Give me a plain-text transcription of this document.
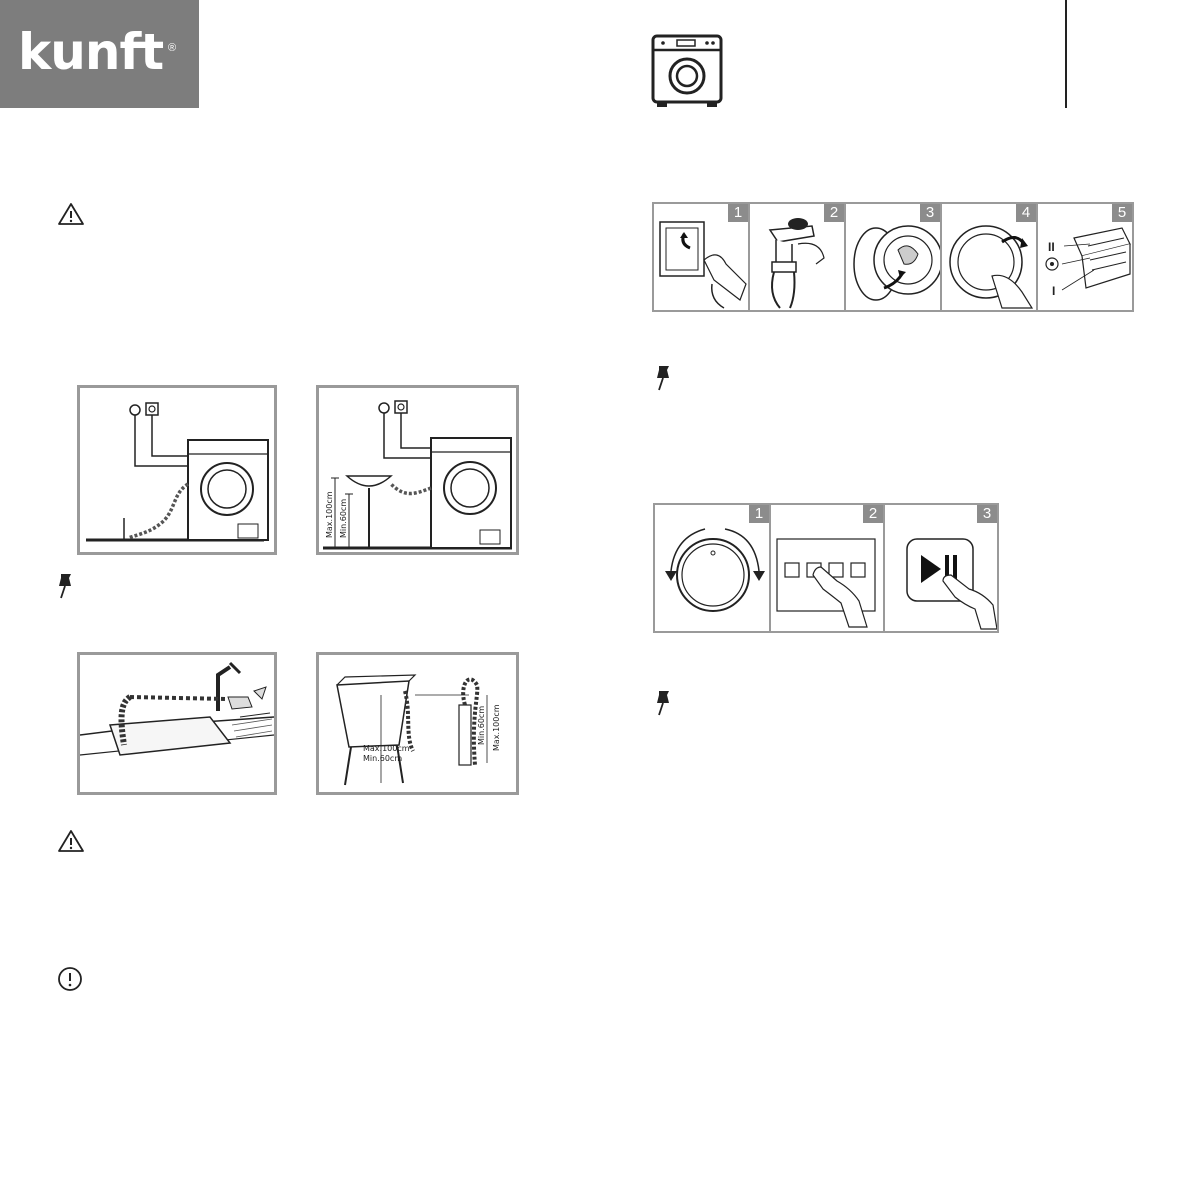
kunft ®
Max.100cm Min.60cm
Max.100cm
Min.60cm
Min.60cm Max.100cm
1	2	3	4	5
II
I
1	2	3
